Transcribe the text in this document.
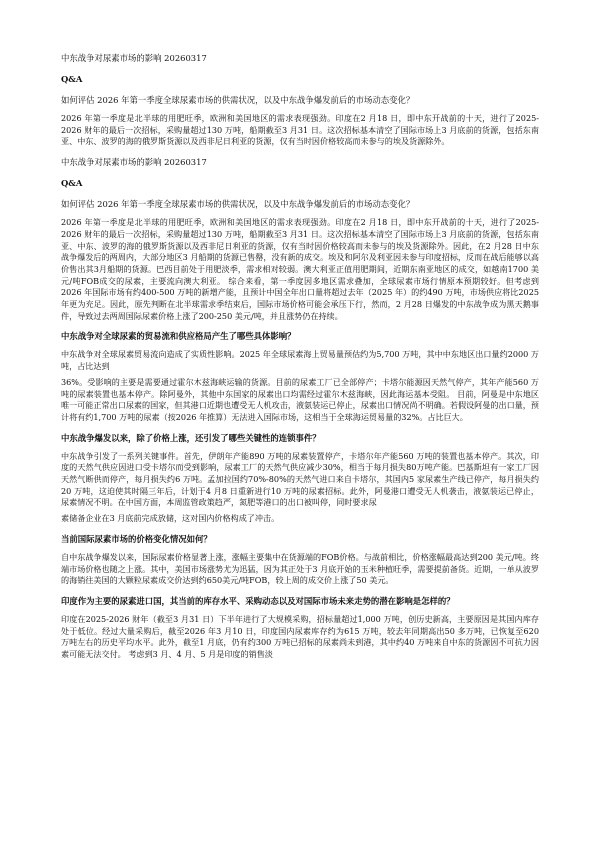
中东战争对尿素市场的影响 20260317
Q&A
如何评估 2026 年第一季度全球尿素市场的供需状况，以及中东战争爆发前后的市场动态变化？
2026 年第一季度是北半球的用肥旺季，欧洲和美国地区的需求表现强劲。印度在2 月18 日，即中东开战前的十天，进行了2025-2026 财年的最后一次招标，采购量超过130 万吨，船期截至3 月31 日。这次招标基本清空了国际市场上3 月底前的货源，包括东南亚、中东、波罗的海的俄罗斯货源以及西非尼日利亚的货源，仅有当时因价格较高而未参与的埃及货源除外。
中东战争对尿素市场的影响 20260317
Q&A
如何评估 2026 年第一季度全球尿素市场的供需状况，以及中东战争爆发前后的市场动态变化？
2026 年第一季度是北半球的用肥旺季，欧洲和美国地区的需求表现强劲。印度在2 月18 日，即中东开战前的十天，进行了2025-2026 财年的最后一次招标，采购量超过130 万吨，船期截至3 月31 日。这次招标基本清空了国际市场上3 月底前的货源，包括东南亚、中东、波罗的海的俄罗斯货源以及西非尼日利亚的货源，仅有当时因价格较高而未参与的埃及货源除外。因此，在2 月28 日中东战争爆发后的两周内，大部分地区3 月船期的货源已售罄，没有新的成交。埃及和阿尔及利亚因未参与印度招标，反而在战后能够以高价售出其3月船期的货源。巴西目前处于用肥淡季，需求相对较弱。澳大利亚正值用肥期间，近期东南亚地区的成交，如越南1700 美元/吨FOB成交的尿素，主要流向澳大利亚。 综合来看，第一季度因多地区需求叠加，全球尿素市场行情原本预期较好。但考虑到2026 年国际市场有约400-500 万吨的新增产能，且预计中国全年出口量将超过去年（2025 年）的约490 万吨，市场供应将比2025 年更为充足。因此，原先判断在北半球需求季结束后，国际市场价格可能会承压下行，然而，2 月28 日爆发的中东战争成为黑天鹅事件，导致过去两周国际尿素价格上涨了200-250 美元/吨，并且涨势仍在持续。
中东战争对全球尿素的贸易流和供应格局产生了哪些具体影响？
中东战争对全球尿素贸易流向造成了实质性影响。2025 年全球尿素海上贸易量预估约为5,700 万吨，其中中东地区出口量约2000 万吨，占比达到
36%。受影响的主要是需要通过霍尔木兹海峡运输的货源。目前的尿素工厂已全部停产；卡塔尔能源因天然气停产，其年产能560 万吨的尿素装置也基本停产。除阿曼外，其他中东国家的尿素出口均需经过霍尔木兹海峡，因此海运基本受阻。 目前，阿曼是中东地区唯一可能正常出口尿素的国家，但其港口近期也遭受无人机攻击，液氨装运已停止，尿素出口情况尚不明确。若假设阿曼的出口量，预计将有约1,700 万吨的尿素（按2026 年推算）无法进入国际市场，这相当于全球海运贸易量的32%。占比巨大。
中东战争爆发以来，除了价格上涨，还引发了哪些关键性的连锁事件？
中东战争引发了一系列关键事件。首先，伊朗年产能890 万吨的尿素装置停产，卡塔尔年产能560 万吨的装置也基本停产。其次，印度的天然气供应因进口受卡塔尔而受到影响，尿素工厂的天然气供应减少30%，相当于每月损失80万吨产能。巴基斯坦有一家工厂因天然气断供而停产，每月损失约6 万吨。孟加拉国约70%-80%的天然气进口来自卡塔尔，其国内5 家尿素生产线已停产，每月损失约20 万吨，这迫使其时隔三年后，计划于4 月8 日重新进行10 万吨的尿素招标。此外，阿曼港口遭受无人机袭击，液氨装运已停止，尿素情况不明。在中国方面，本周监管政策趋严，氮肥等港口的出口被叫停，同时要求尿
素储备企业在3 月底前完成放储，这对国内价格构成了冲击。
当前国际尿素市场的价格变化情况如何？
自中东战争爆发以来，国际尿素价格显著上涨，涨幅主要集中在货源端的FOB价格。与战前相比，价格涨幅最高达到200 美元/吨。终端市场价格也随之上涨。其中，美国市场涨势尤为迅猛，因为其正处于3 月底开始的玉米种植旺季，需要提前备货。近期，一单从波罗的海销往美国的大颗粒尿素成交价达到约650美元/吨FOB，较上周的成交价上涨了50 美元。
印度作为主要的尿素进口国，其当前的库存水平、采购动态以及对国际市场未来走势的潜在影响是怎样的？
印度在2025-2026 财年（截至3 月31 日）下半年进行了大规模采购，招标量超过1,000 万吨，创历史新高，主要原因是其国内库存处于低位。经过大量采购后，截至2026 年3 月10 日，印度国内尿素库存约为615 万吨，较去年同期高出50 多万吨，已恢复至620 万吨左右的历史平均水平。此外，截至1 月底，仍有约300 万吨已招标的尿素尚未到港，其中约40 万吨来自中东的货源因不可抗力因素可能无法交付。 考虑到3 月、4 月、5 月是印度的销售淡
